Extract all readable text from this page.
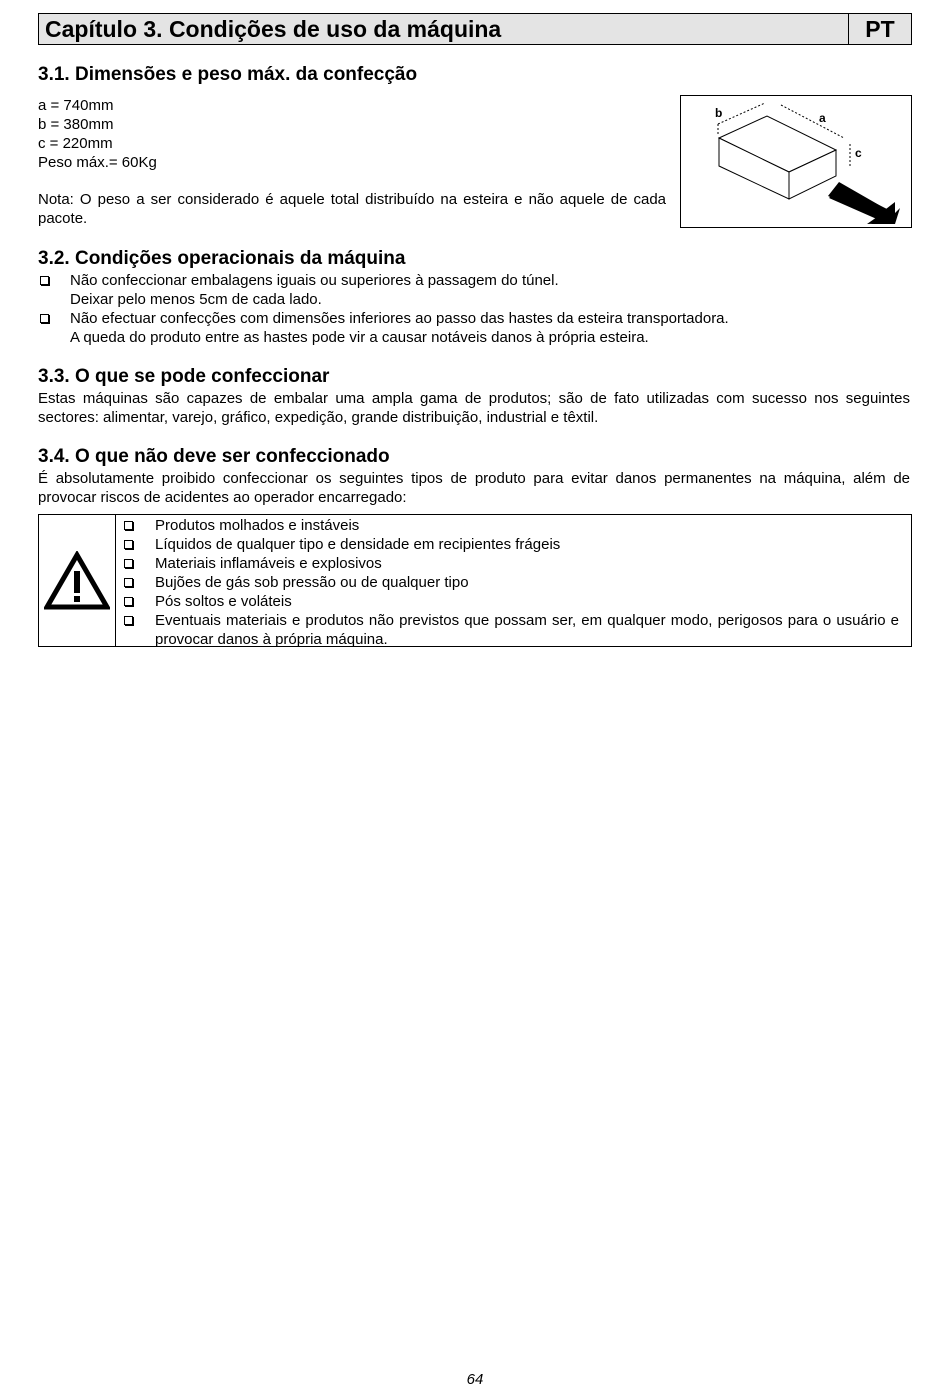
Capítulo 3. Condições de uso da máquina	PT
3.1. Dimensões e peso máx. da confecção
a = 740mm
b = 380mm
c = 220mm
Peso máx.= 60Kg
Nota: O peso a ser considerado é aquele total distribuído na esteira e não aquele de cada pacote.
b	a
c
3.2. Condições operacionais da máquina
Não confeccionar embalagens iguais ou superiores à passagem do túnel.
Deixar pelo menos 5cm de cada lado.
Não efectuar confecções com dimensões inferiores ao passo das hastes da esteira transportadora.
A queda do produto entre as hastes pode vir a causar notáveis danos à própria esteira.
3.3. O que se pode confeccionar
Estas máquinas são capazes de embalar uma ampla gama de produtos; são de fato utilizadas com sucesso nos seguintes sectores: alimentar, varejo, gráfico, expedição, grande distribuição, industrial e têxtil.
3.4. O que não deve ser confeccionado
É absolutamente proibido confeccionar os seguintes tipos de produto para evitar danos permanentes na máquina, além de provocar riscos de acidentes ao operador encarregado:
Produtos molhados e instáveis
Líquidos de qualquer tipo e densidade em recipientes frágeis
Materiais inflamáveis e explosivos
Bujões de gás sob pressão ou de qualquer tipo
Pós soltos e voláteis
Eventuais materiais e produtos não previstos que possam ser, em qualquer modo, perigosos para o usuário e provocar danos à própria máquina.
64
